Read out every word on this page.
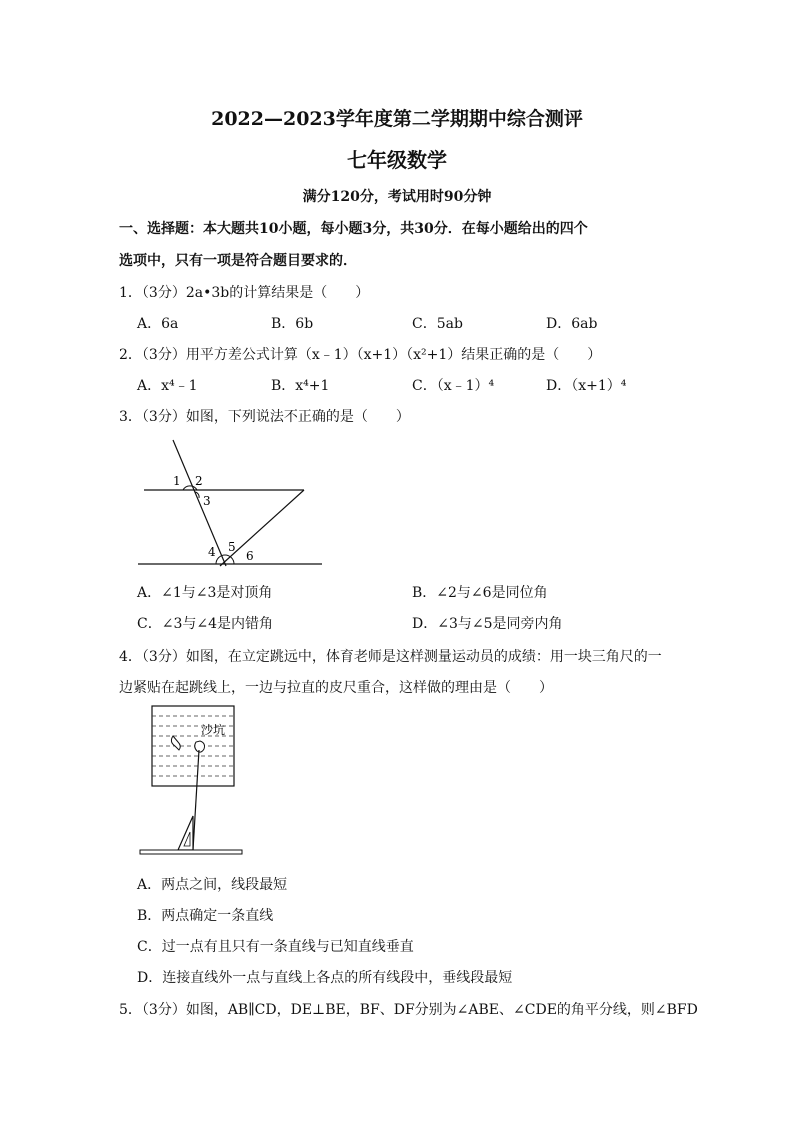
2022—2023学年度第二学期期中综合测评
七年级数学
满分120分，考试用时90分钟
一、选择题：本大题共10小题，每小题3分，共30分．在每小题给出的四个
选项中，只有一项是符合题目要求的．
1．（3分）2a•3b的计算结果是（　　）
A．6a	B．6b	C．5ab	D．6ab
2．（3分）用平方差公式计算（x﹣1）（x+1）（x²+1）结果正确的是（　　）
A．x⁴﹣1	B．x⁴+1	C．（x﹣1）⁴	D．（x+1）⁴
3．（3分）如图，下列说法不正确的是（　　）
1 2
3
4 5
6
A．∠1与∠3是对顶角	B．∠2与∠6是同位角
C．∠3与∠4是内错角	D．∠3与∠5是同旁内角
4．（3分）如图，在立定跳远中，体育老师是这样测量运动员的成绩：用一块三角尺的一
边紧贴在起跳线上，一边与拉直的皮尺重合，这样做的理由是（　　）
沙坑
A．两点之间，线段最短
B．两点确定一条直线
C．过一点有且只有一条直线与已知直线垂直
D．连接直线外一点与直线上各点的所有线段中，垂线段最短
5．（3分）如图，AB∥CD，DE⊥BE，BF、DF分别为∠ABE、∠CDE的角平分线，则∠BFD
